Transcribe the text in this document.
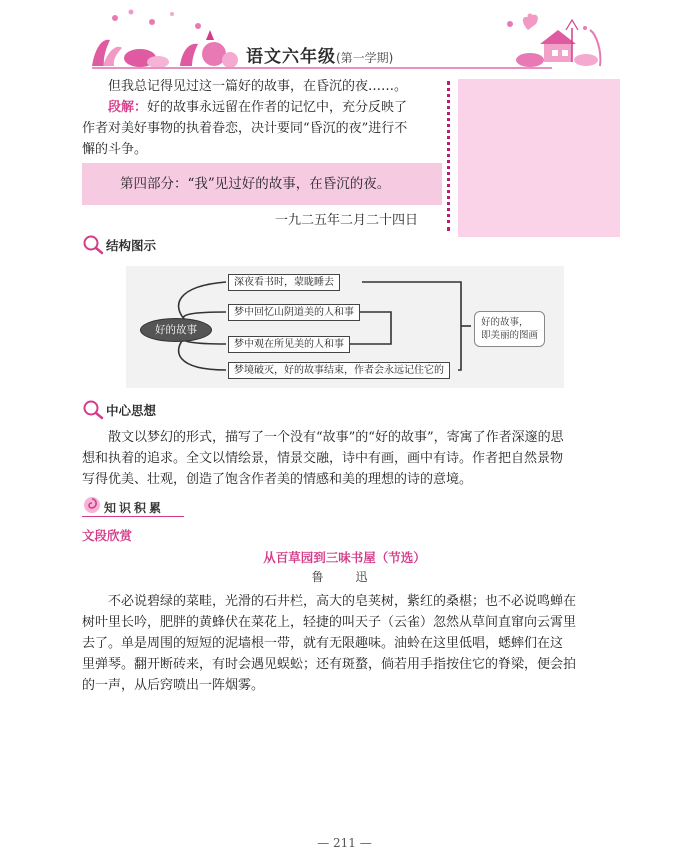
语文六年级(第一学期)
但我总记得见过这一篇好的故事，在昏沉的夜……。
段解：好的故事永远留在作者的记忆中，充分反映了
作者对美好事物的执着眷恋，决计要同“昏沉的夜”进行不
懈的斗争。
第四部分：“我”见过好的故事，在昏沉的夜。
一九二五年二月二十四日
结构图示
好的故事
深夜看书时，蒙眬睡去
梦中回忆山阴道美的人和事
梦中观在所见美的人和事
梦境破灭，好的故事结束，作者会永远记住它的
好的故事，
即美丽的图画
中心思想
散文以梦幻的形式，描写了一个没有“故事”的“好的故事”，寄寓了作者深邃的思
想和执着的追求。全文以情绘景，情景交融，诗中有画，画中有诗。作者把自然景物
写得优美、壮观，创造了饱含作者美的情感和美的理想的诗的意境。
知识积累
文段欣赏
从百草园到三味书屋（节选）
鲁　迅
不必说碧绿的菜畦，光滑的石井栏，高大的皂荚树，紫红的桑椹；也不必说鸣蝉在
树叶里长吟，肥胖的黄蜂伏在菜花上，轻捷的叫天子（云雀）忽然从草间直窜向云霄里
去了。单是周围的短短的泥墙根一带，就有无限趣味。油蛉在这里低唱，蟋蟀们在这
里弹琴。翻开断砖来，有时会遇见蜈蚣；还有斑蝥，倘若用手指按住它的脊梁，便会拍
的一声，从后窍喷出一阵烟雾。
— 211 —
